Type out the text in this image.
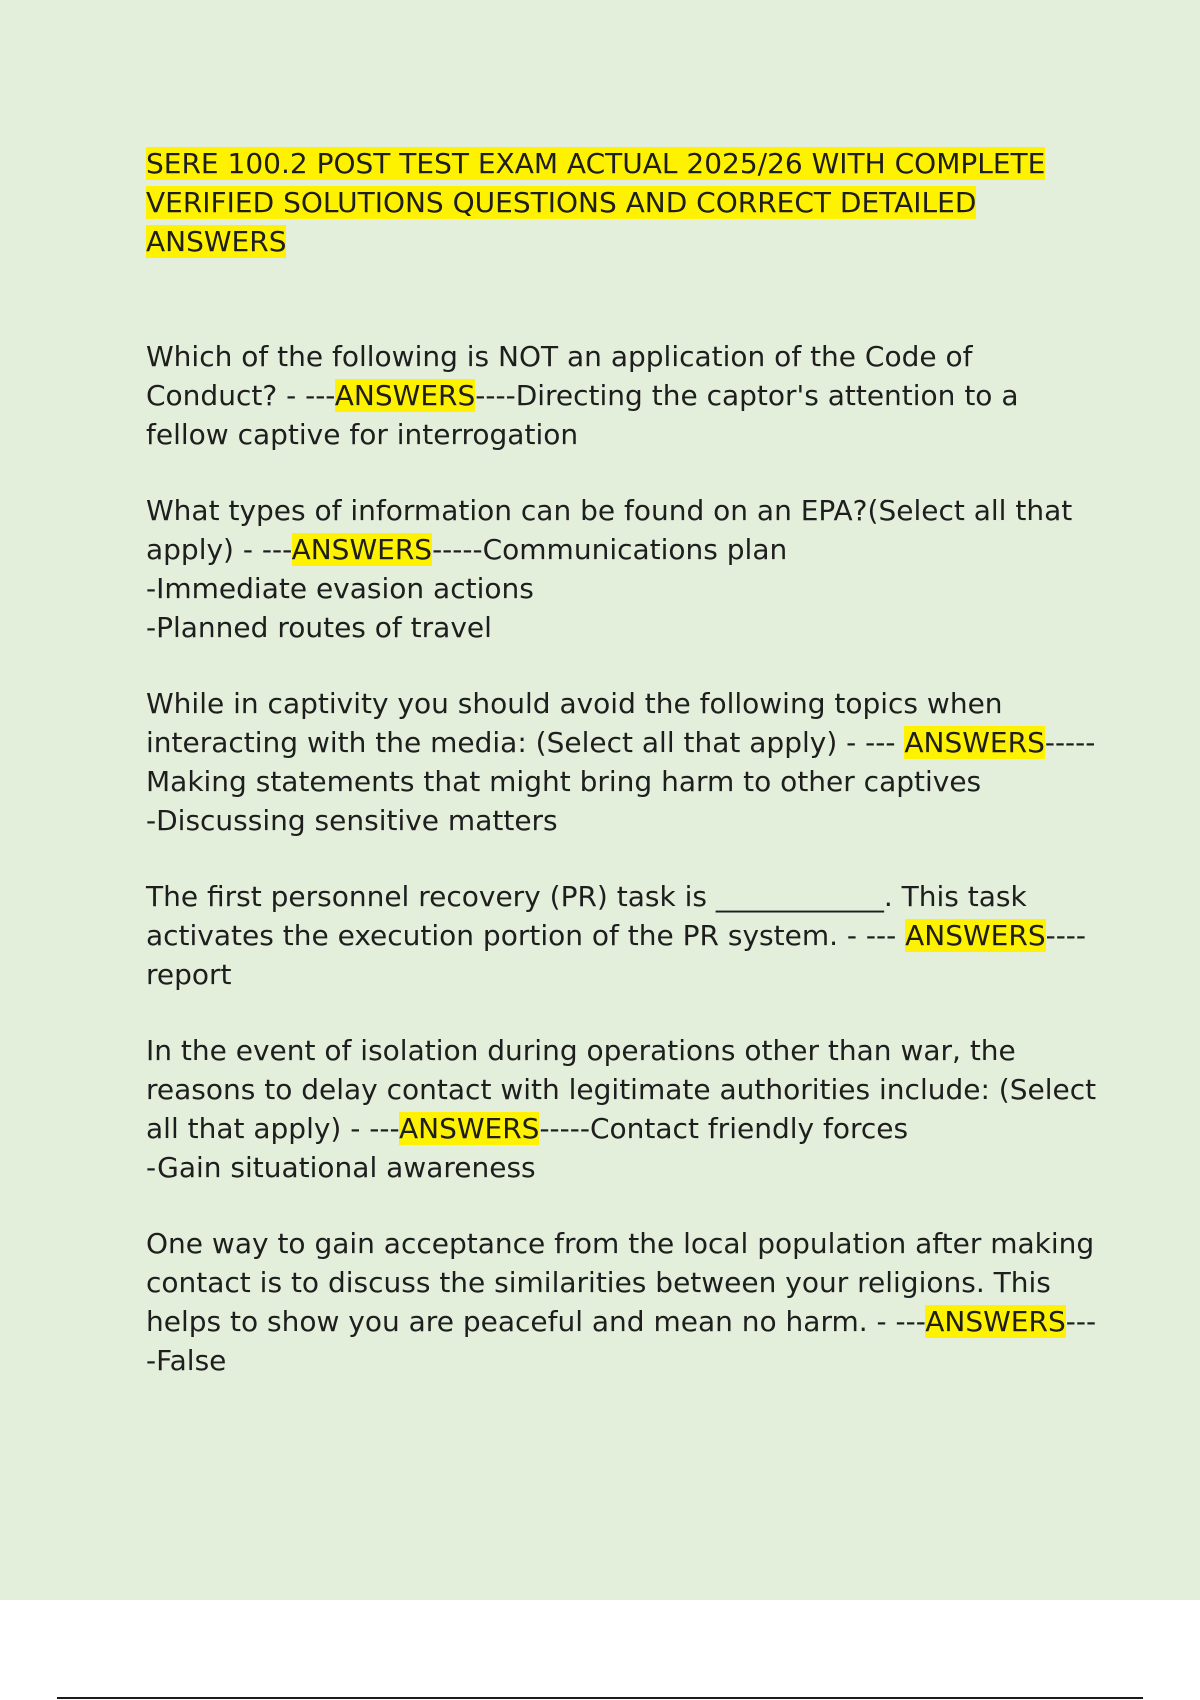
SERE 100.2 POST TEST EXAM ACTUAL 2025/26 WITH COMPLETE VERIFIED SOLUTIONS QUESTIONS AND CORRECT DETAILED ANSWERS
Which of the following is NOT an application of the Code of Conduct? - ---ANSWERS----Directing the captor's attention to a fellow captive for interrogation
What types of information can be found on an EPA?(Select all that apply) - ---ANSWERS-----Communications plan
-Immediate evasion actions
-Planned routes of travel
While in captivity you should avoid the following topics when interacting with the media: (Select all that apply) - --- ANSWERS-----Making statements that might bring harm to other captives
-Discussing sensitive matters
The first personnel recovery (PR) task is ____________. This task activates the execution portion of the PR system. - --- ANSWERS----report
In the event of isolation during operations other than war, the reasons to delay contact with legitimate authorities include: (Select all that apply) - ---ANSWERS-----Contact friendly forces
-Gain situational awareness
One way to gain acceptance from the local population after making contact is to discuss the similarities between your religions. This helps to show you are peaceful and mean no harm. - ---ANSWERS----False
